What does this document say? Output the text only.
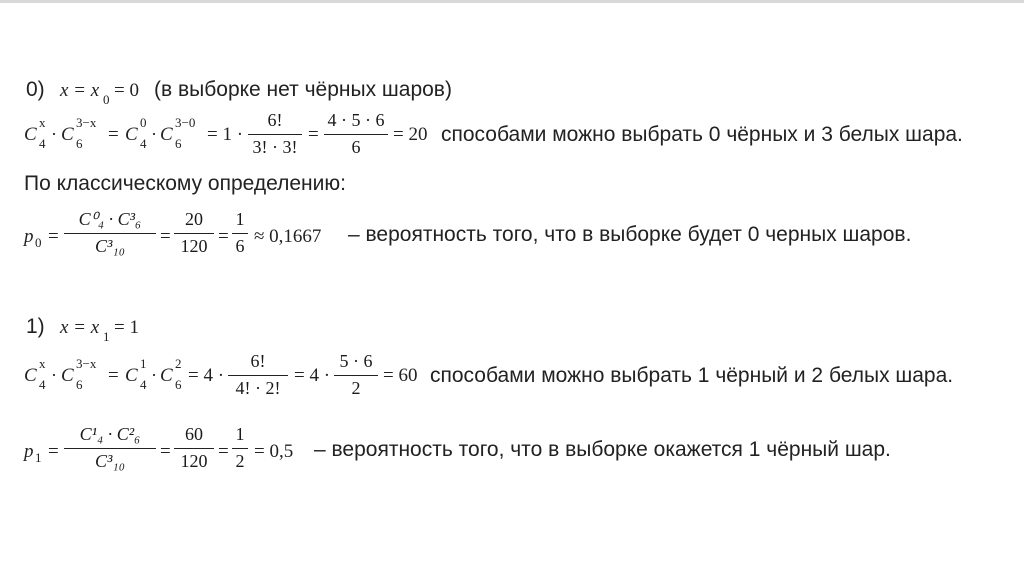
0) x = x 0 = 0 (в выборке нет чёрных шаров)
C
x
4 · C
3−x
6 = C
0
4 · C
3−0
6 = 1 ·
6!
3! · 3!
=
4 · 5 · 6
6
= 20 способами можно выбрать 0 чёрных и 3 белых шара.
По классическому определению:
p 0 =
C⁰₄ · C³₆
C³₁₀	=
20
120 =
1
6 ≈ 0,1667 – вероятность того, что в выборке будет 0 черных шаров.
1) x = x 1 = 1
C
x
4 · C
3−x
6 = C
1
4 · C
2
6 = 4 ·
6!
4! · 2!
= 4 ·
5 · 6
2
= 60 способами можно выбрать 1 чёрный и 2 белых шара.
p 1 =
C¹₄ · C²₆
C³₁₀	=
60
120 =
1
2 = 0,5 – вероятность того, что в выборке окажется 1 чёрный шар.
